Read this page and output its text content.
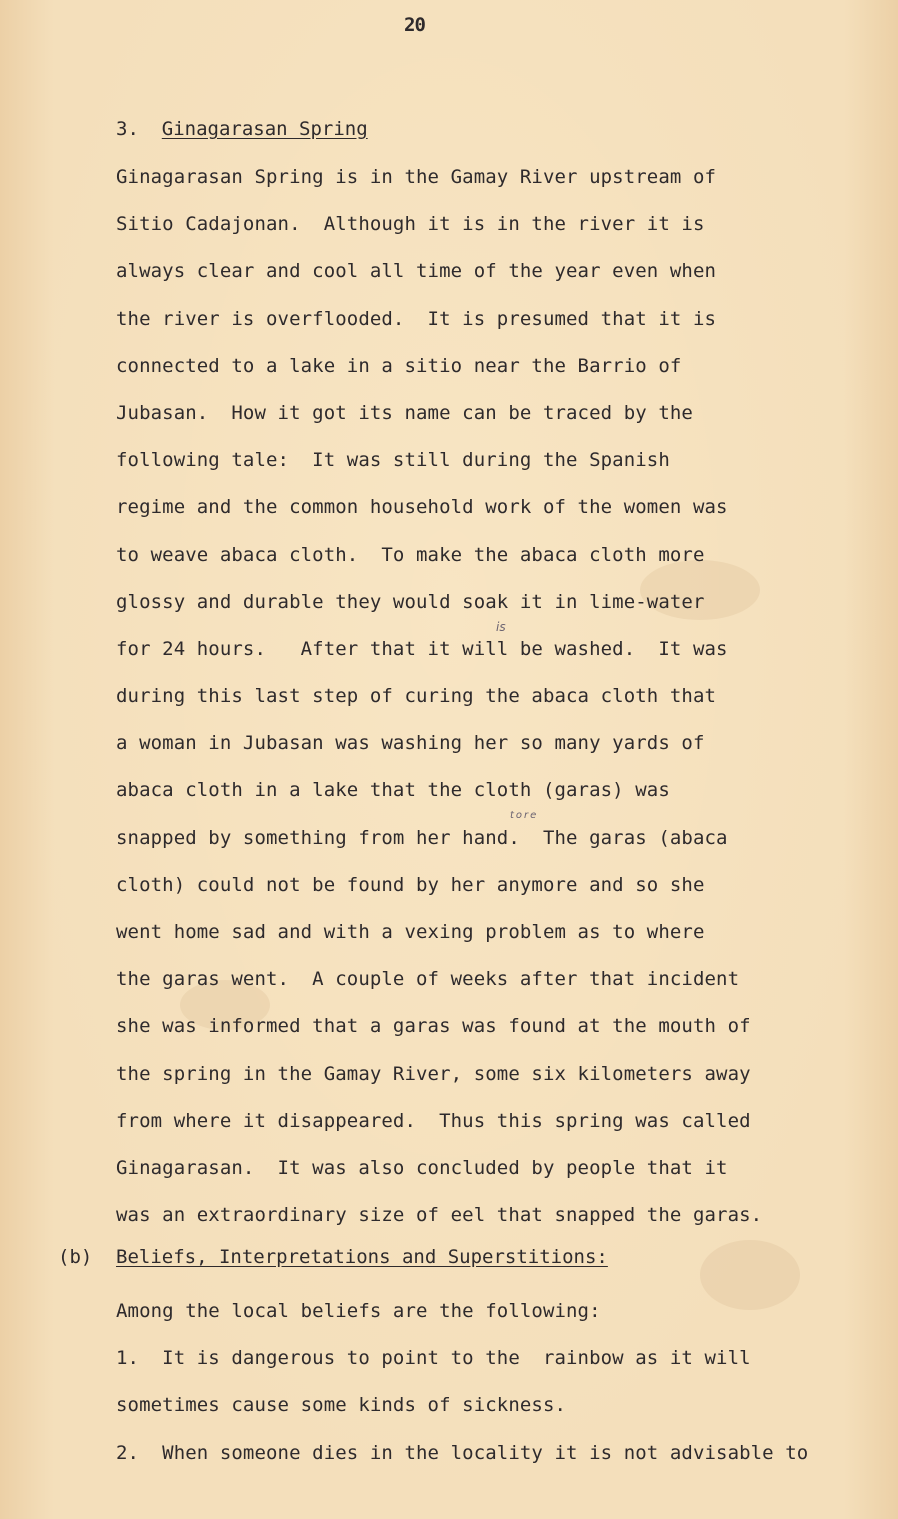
20
3. Ginagarasan Spring
is
tore
Ginagarasan Spring is in the Gamay River upstream of
Sitio Cadajonan.  Although it is in the river it is
always clear and cool all time of the year even when
the river is overflooded.  It is presumed that it is
connected to a lake in a sitio near the Barrio of
Jubasan.  How it got its name can be traced by the
following tale:  It was still during the Spanish
regime and the common household work of the women was
to weave abaca cloth.  To make the abaca cloth more
glossy and durable they would soak it in lime-water
for 24 hours.   After that it will be washed.  It was
during this last step of curing the abaca cloth that
a woman in Jubasan was washing her so many yards of
abaca cloth in a lake that the cloth (garas) was
snapped by something from her hand.  The garas (abaca
cloth) could not be found by her anymore and so she
went home sad and with a vexing problem as to where
the garas went.  A couple of weeks after that incident
she was informed that a garas was found at the mouth of
the spring in the Gamay River, some six kilometers away
from where it disappeared.  Thus this spring was called
Ginagarasan.  It was also concluded by people that it
was an extraordinary size of eel that snapped the garas.
(b) Beliefs, Interpretations and Superstitions:
Among the local beliefs are the following:
1.  It is dangerous to point to the  rainbow as it will
sometimes cause some kinds of sickness.
2.  When someone dies in the locality it is not advisable to
